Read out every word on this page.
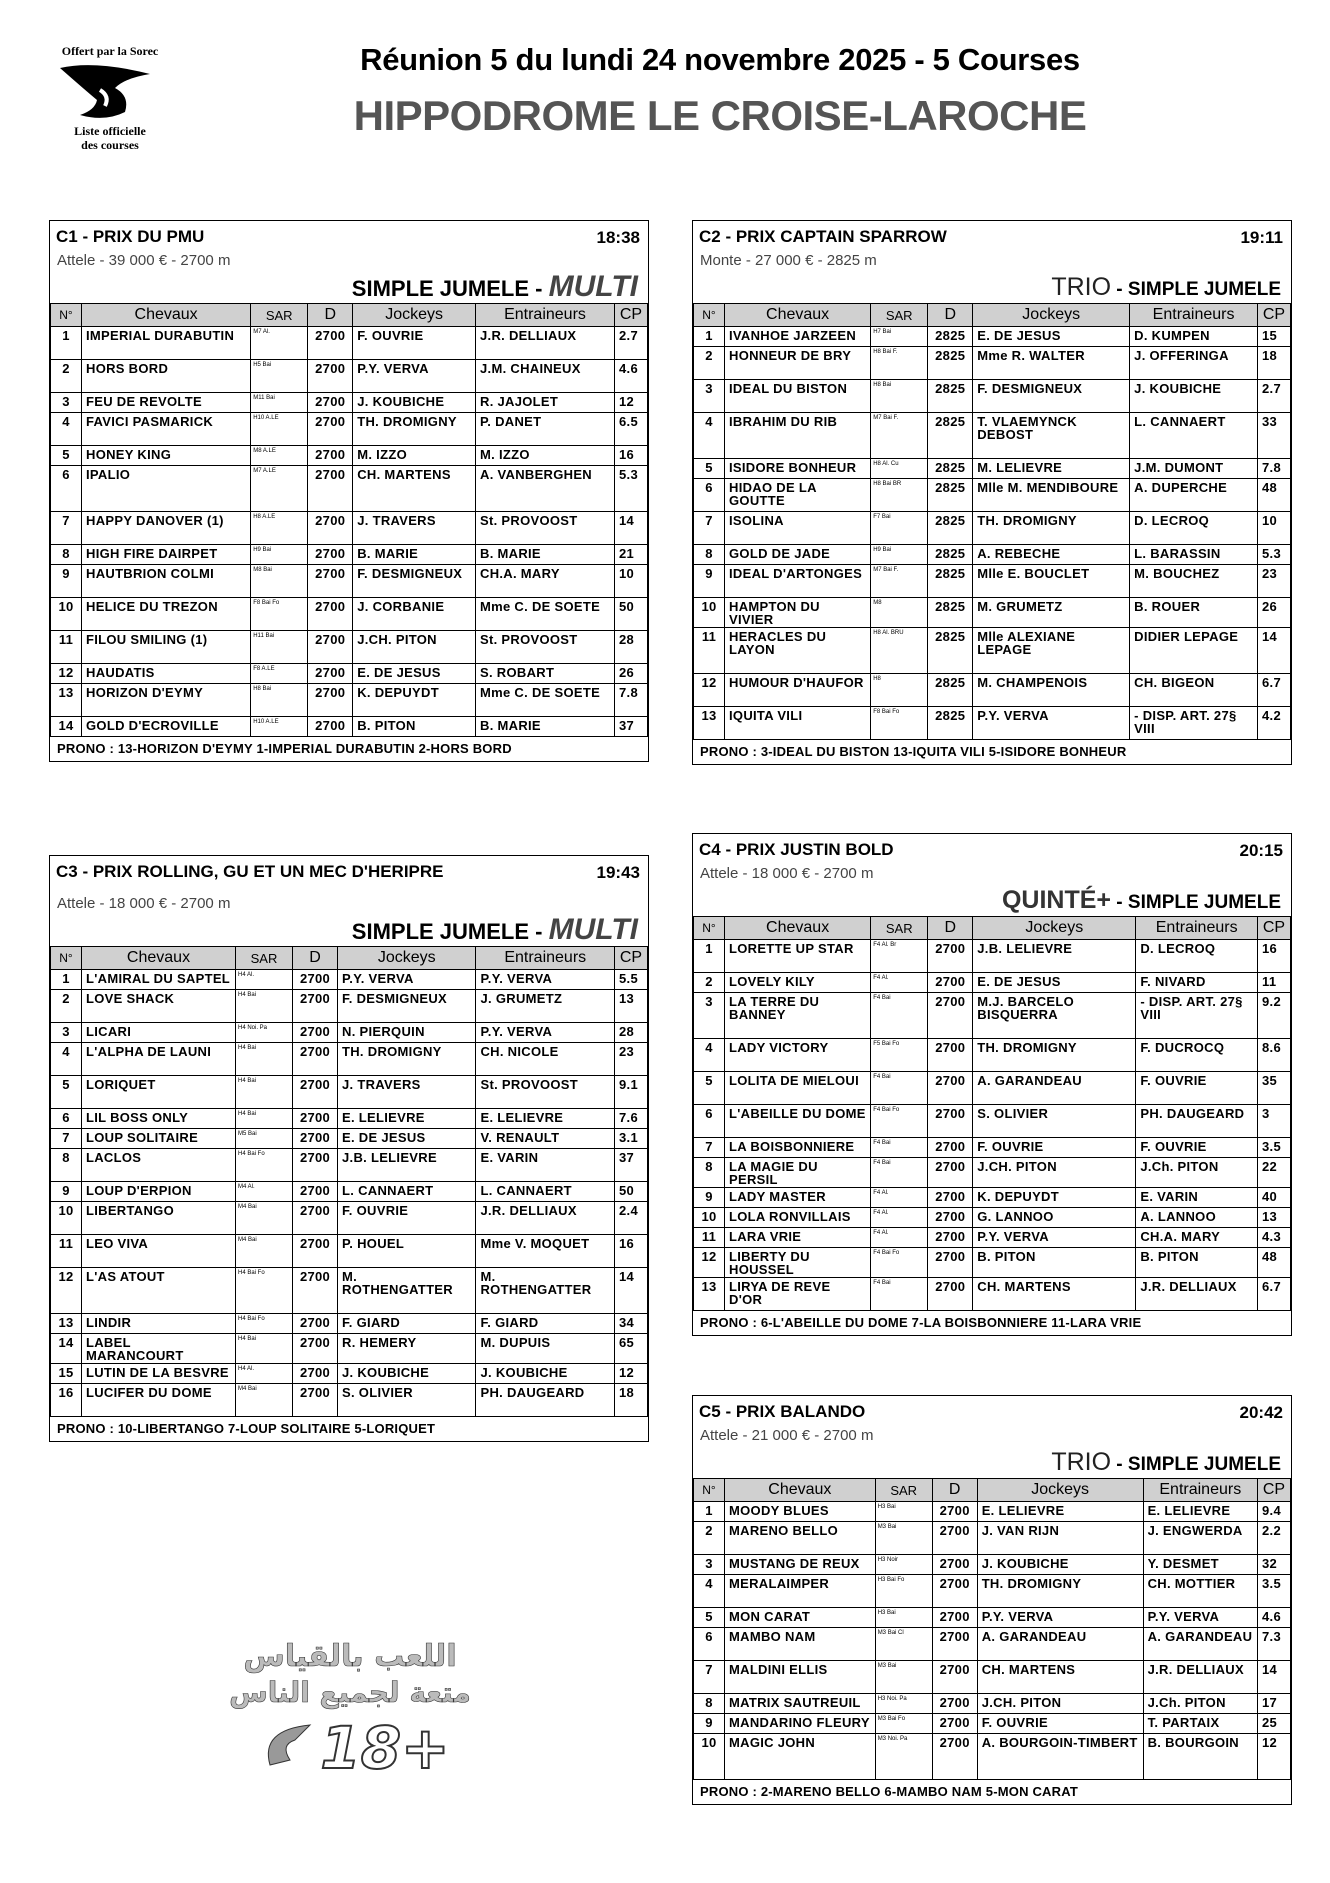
Offert par la Sorec
Liste officielle
des courses
Réunion 5 du lundi 24 novembre 2025 - 5 Courses
HIPPODROME LE CROISE-LAROCHE
C1 - PRIX DU PMU	18:38
Attele - 39 000 € - 2700 m
SIMPLE JUMELE - MULTI
N°	Chevaux	SAR	D	Jockeys	Entraineurs	CP
1	IMPERIAL DURABUTIN	M7 Al.	2700	F. OUVRIE	J.R. DELLIAUX	2.7
2	HORS BORD	H5 Bai	2700	P.Y. VERVA	J.M. CHAINEUX	4.6
3	FEU DE REVOLTE	M11 Bai	2700	J. KOUBICHE	R. JAJOLET	12
4	FAVICI PASMARICK	H10 A.LE	2700	TH. DROMIGNY	P. DANET	6.5
5	HONEY KING	M8 A.LE	2700	M. IZZO	M. IZZO	16
6	IPALIO	M7 A.LE	2700	CH. MARTENS	A. VANBERGHEN	5.3
7	HAPPY DANOVER (1)	H8 A.LE	2700	J. TRAVERS	St. PROVOOST	14
8	HIGH FIRE DAIRPET	H9 Bai	2700	B. MARIE	B. MARIE	21
9	HAUTBRION COLMI	M8 Bai	2700	F. DESMIGNEUX	CH.A. MARY	10
10	HELICE DU TREZON	F8 Bai Fo	2700	J. CORBANIE	Mme C. DE SOETE	50
11	FILOU SMILING (1)	H11 Bai	2700	J.CH. PITON	St. PROVOOST	28
12	HAUDATIS	F8 A.LE	2700	E. DE JESUS	S. ROBART	26
13	HORIZON D'EYMY	H8 Bai	2700	K. DEPUYDT	Mme C. DE SOETE	7.8
14	GOLD D'ECROVILLE	H10 A.LE	2700	B. PITON	B. MARIE	37
PRONO : 13-HORIZON D'EYMY 1-IMPERIAL DURABUTIN 2-HORS BORD
C2 - PRIX CAPTAIN SPARROW	19:11
Monte - 27 000 € - 2825 m
TRIO - SIMPLE JUMELE
N°	Chevaux	SAR	D	Jockeys	Entraineurs	CP
1	IVANHOE JARZEEN	H7 Bai	2825	E. DE JESUS	D. KUMPEN	15
2	HONNEUR DE BRY	H8 Bai F.	2825	Mme R. WALTER	J. OFFERINGA	18
3	IDEAL DU BISTON	H8 Bai	2825	F. DESMIGNEUX	J. KOUBICHE	2.7
4	IBRAHIM DU RIB	M7 Bai F.	2825	T. VLAEMYNCK DEBOST	L. CANNAERT	33
5	ISIDORE BONHEUR	H8 Al. Cu	2825	M. LELIEVRE	J.M. DUMONT	7.8
6	HIDAO DE LA GOUTTE	H8 Bai BR	2825	Mlle M. MENDIBOURE	A. DUPERCHE	48
7	ISOLINA	F7 Bai	2825	TH. DROMIGNY	D. LECROQ	10
8	GOLD DE JADE	H9 Bai	2825	A. REBECHE	L. BARASSIN	5.3
9	IDEAL D'ARTONGES	M7 Bai F.	2825	Mlle E. BOUCLET	M. BOUCHEZ	23
10	HAMPTON DU VIVIER	M8	2825	M. GRUMETZ	B. ROUER	26
11	HERACLES DU LAYON	H8 Al. BRU	2825	Mlle ALEXIANE LEPAGE	DIDIER LEPAGE	14
12	HUMOUR D'HAUFOR	H8	2825	M. CHAMPENOIS	CH. BIGEON	6.7
13	IQUITA VILI	F8 Bai Fo	2825	P.Y. VERVA	- DISP. ART. 27§ VIII	4.2
PRONO : 3-IDEAL DU BISTON 13-IQUITA VILI 5-ISIDORE BONHEUR
C3 - PRIX ROLLING, GU ET UN MEC D'HERIPRE	19:43
Attele - 18 000 € - 2700 m
SIMPLE JUMELE - MULTI
N°	Chevaux	SAR	D	Jockeys	Entraineurs	CP
1	L'AMIRAL DU SAPTEL	H4 Al.	2700	P.Y. VERVA	P.Y. VERVA	5.5
2	LOVE SHACK	H4 Bai	2700	F. DESMIGNEUX	J. GRUMETZ	13
3	LICARI	H4 Noi. Pa	2700	N. PIERQUIN	P.Y. VERVA	28
4	L'ALPHA DE LAUNI	H4 Bai	2700	TH. DROMIGNY	CH. NICOLE	23
5	LORIQUET	H4 Bai	2700	J. TRAVERS	St. PROVOOST	9.1
6	LIL BOSS ONLY	H4 Bai	2700	E. LELIEVRE	E. LELIEVRE	7.6
7	LOUP SOLITAIRE	M5 Bai	2700	E. DE JESUS	V. RENAULT	3.1
8	LACLOS	H4 Bai Fo	2700	J.B. LELIEVRE	E. VARIN	37
9	LOUP D'ERPION	M4 Al.	2700	L. CANNAERT	L. CANNAERT	50
10	LIBERTANGO	M4 Bai	2700	F. OUVRIE	J.R. DELLIAUX	2.4
11	LEO VIVA	M4 Bai	2700	P. HOUEL	Mme V. MOQUET	16
12	L'AS ATOUT	H4 Bai Fo	2700	M. ROTHENGATTER	M. ROTHENGATTER	14
13	LINDIR	H4 Bai Fo	2700	F. GIARD	F. GIARD	34
14	LABEL MARANCOURT	H4 Bai	2700	R. HEMERY	M. DUPUIS	65
15	LUTIN DE LA BESVRE	H4 Al.	2700	J. KOUBICHE	J. KOUBICHE	12
16	LUCIFER DU DOME	M4 Bai	2700	S. OLIVIER	PH. DAUGEARD	18
PRONO : 10-LIBERTANGO 7-LOUP SOLITAIRE 5-LORIQUET
C4 - PRIX JUSTIN BOLD	20:15
Attele - 18 000 € - 2700 m
QUINTÉ+ - SIMPLE JUMELE
N°	Chevaux	SAR	D	Jockeys	Entraineurs	CP
1	LORETTE UP STAR	F4 Al. Br	2700	J.B. LELIEVRE	D. LECROQ	16
2	LOVELY KILY	F4 Al.	2700	E. DE JESUS	F. NIVARD	11
3	LA TERRE DU BANNEY	F4 Bai	2700	M.J. BARCELO BISQUERRA	- DISP. ART. 27§ VIII	9.2
4	LADY VICTORY	F5 Bai Fo	2700	TH. DROMIGNY	F. DUCROCQ	8.6
5	LOLITA DE MIELOUI	F4 Bai	2700	A. GARANDEAU	F. OUVRIE	35
6	L'ABEILLE DU DOME	F4 Bai Fo	2700	S. OLIVIER	PH. DAUGEARD	3
7	LA BOISBONNIERE	F4 Bai	2700	F. OUVRIE	F. OUVRIE	3.5
8	LA MAGIE DU PERSIL	F4 Bai	2700	J.CH. PITON	J.Ch. PITON	22
9	LADY MASTER	F4 Al.	2700	K. DEPUYDT	E. VARIN	40
10	LOLA RONVILLAIS	F4 Al.	2700	G. LANNOO	A. LANNOO	13
11	LARA VRIE	F4 Al.	2700	P.Y. VERVA	CH.A. MARY	4.3
12	LIBERTY DU HOUSSEL	F4 Bai Fo	2700	B. PITON	B. PITON	48
13	LIRYA DE REVE D'OR	F4 Bai	2700	CH. MARTENS	J.R. DELLIAUX	6.7
PRONO : 6-L'ABEILLE DU DOME 7-LA BOISBONNIERE 11-LARA VRIE
C5 - PRIX BALANDO	20:42
Attele - 21 000 € - 2700 m
TRIO - SIMPLE JUMELE
N°	Chevaux	SAR	D	Jockeys	Entraineurs	CP
1	MOODY BLUES	H3 Bai	2700	E. LELIEVRE	E. LELIEVRE	9.4
2	MARENO BELLO	M3 Bai	2700	J. VAN RIJN	J. ENGWERDA	2.2
3	MUSTANG DE REUX	H3 Noir	2700	J. KOUBICHE	Y. DESMET	32
4	MERALAIMPER	H3 Bai Fo	2700	TH. DROMIGNY	CH. MOTTIER	3.5
5	MON CARAT	H3 Bai	2700	P.Y. VERVA	P.Y. VERVA	4.6
6	MAMBO NAM	M3 Bai Cl	2700	A. GARANDEAU	A. GARANDEAU	7.3
7	MALDINI ELLIS	M3 Bai	2700	CH. MARTENS	J.R. DELLIAUX	14
8	MATRIX SAUTREUIL	H3 Noi. Pa	2700	J.CH. PITON	J.Ch. PITON	17
9	MANDARINO FLEURY	M3 Bai Fo	2700	F. OUVRIE	T. PARTAIX	25
10	MAGIC JOHN	M3 Noi. Pa	2700	A. BOURGOIN-TIMBERT	B. BOURGOIN	12
PRONO : 2-MARENO BELLO 6-MAMBO NAM 5-MON CARAT
اللعب بالقياس
متعة لجميع الناس
18+
